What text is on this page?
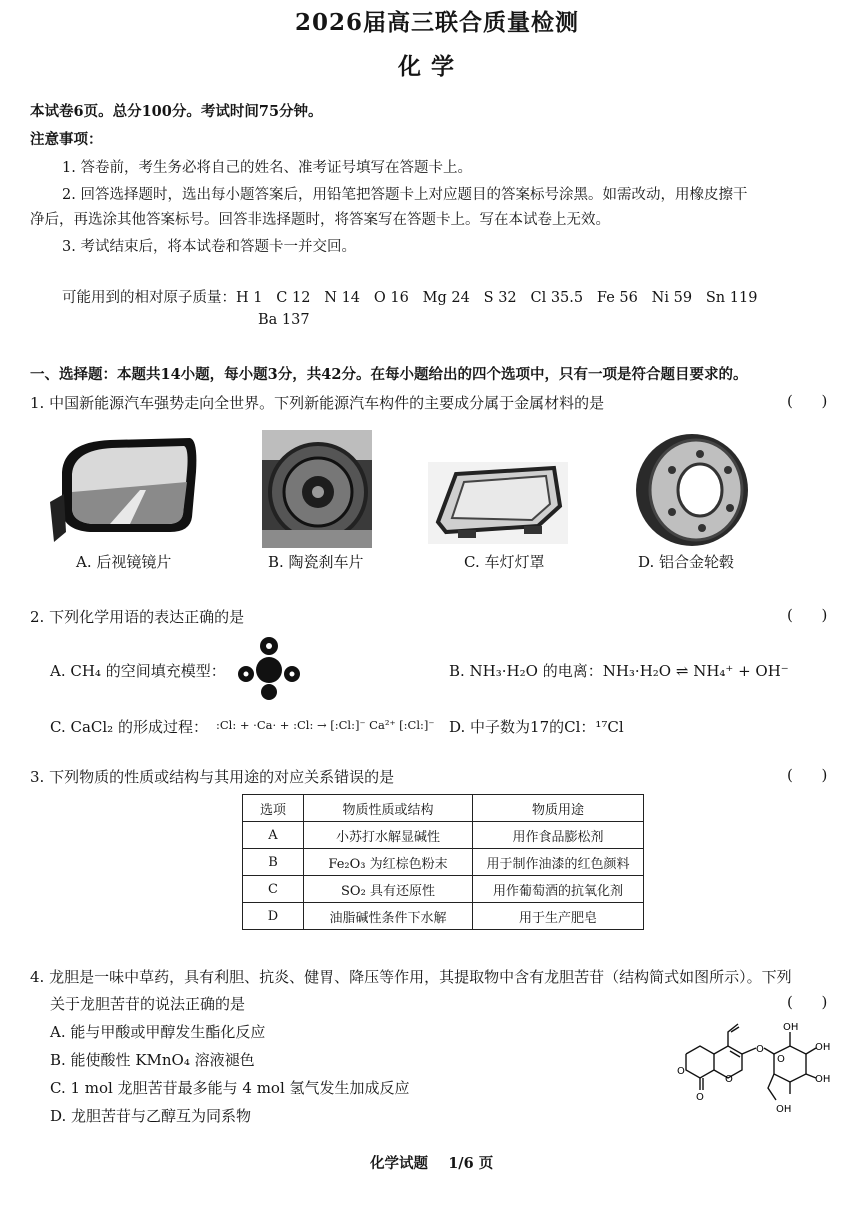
2026届高三联合质量检测
化 学
本试卷6页。总分100分。考试时间75分钟。
注意事项：
1. 答卷前，考生务必将自己的姓名、准考证号填写在答题卡上。
2. 回答选择题时，选出每小题答案后，用铅笔把答题卡上对应题目的答案标号涂黑。如需改动，用橡皮擦干
净后，再选涂其他答案标号。回答非选择题时，将答案写在答题卡上。写在本试卷上无效。
3. 考试结束后，将本试卷和答题卡一并交回。
可能用到的相对原子质量：H 1   C 12   N 14   O 16   Mg 24   S 32   Cl 35.5   Fe 56   Ni 59   Sn 119
Ba 137
一、选择题：本题共14小题，每小题3分，共42分。在每小题给出的四个选项中，只有一项是符合题目要求的。
1. 中国新能源汽车强势走向全世界。下列新能源汽车构件的主要成分属于金属材料的是	(      )
A. 后视镜镜片	B. 陶瓷刹车片	C. 车灯灯罩	D. 铝合金轮毂
2. 下列化学用语的表达正确的是	(      )
A. CH₄ 的空间填充模型：	B. NH₃·H₂O 的电离：NH₃·H₂O ⇌ NH₄⁺ + OH⁻
C. CaCl₂ 的形成过程： :Cl: + ·Ca· + :Cl: → [:Cl:]⁻ Ca²⁺ [:Cl:]⁻ D. 中子数为17的Cl：¹⁷Cl
3. 下列物质的性质或结构与其用途的对应关系错误的是	(      )
选项	物质性质或结构	物质用途
A	小苏打水解显碱性	用作食品膨松剂
B	Fe₂O₃ 为红棕色粉末	用于制作油漆的红色颜料
C	SO₂ 具有还原性	用作葡萄酒的抗氧化剂
D	油脂碱性条件下水解	用于生产肥皂
4. 龙胆是一味中草药，具有利胆、抗炎、健胃、降压等作用，其提取物中含有龙胆苦苷（结构简式如图所示）。下列
关于龙胆苦苷的说法正确的是	(      )
A. 能与甲酸或甲醇发生酯化反应
B. 能使酸性 KMnO₄ 溶液褪色
C. 1 mol 龙胆苦苷最多能与 4 mol 氢气发生加成反应
D. 龙胆苦苷与乙醇互为同系物
O
O
O
O
O
OH
OH
OH
OH
化学试题    1/6 页
